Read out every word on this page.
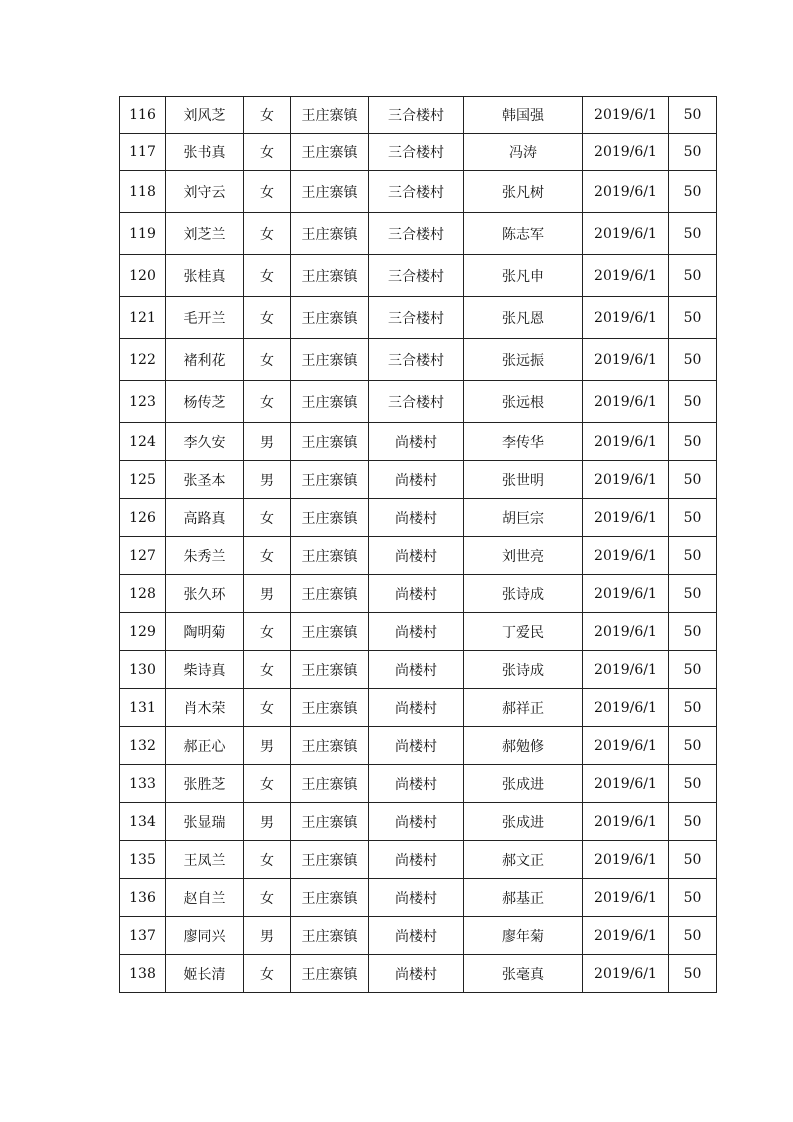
116	刘风芝	女	王庄寨镇	三合楼村	韩国强	2019/6/1	50
117	张书真	女	王庄寨镇	三合楼村	冯涛	2019/6/1	50
118	刘守云	女	王庄寨镇	三合楼村	张凡树	2019/6/1	50
119	刘芝兰	女	王庄寨镇	三合楼村	陈志军	2019/6/1	50
120	张桂真	女	王庄寨镇	三合楼村	张凡申	2019/6/1	50
121	毛开兰	女	王庄寨镇	三合楼村	张凡恩	2019/6/1	50
122	褚利花	女	王庄寨镇	三合楼村	张远振	2019/6/1	50
123	杨传芝	女	王庄寨镇	三合楼村	张远根	2019/6/1	50
124	李久安	男	王庄寨镇	尚楼村	李传华	2019/6/1	50
125	张圣本	男	王庄寨镇	尚楼村	张世明	2019/6/1	50
126	高路真	女	王庄寨镇	尚楼村	胡巨宗	2019/6/1	50
127	朱秀兰	女	王庄寨镇	尚楼村	刘世亮	2019/6/1	50
128	张久环	男	王庄寨镇	尚楼村	张诗成	2019/6/1	50
129	陶明菊	女	王庄寨镇	尚楼村	丁爱民	2019/6/1	50
130	柴诗真	女	王庄寨镇	尚楼村	张诗成	2019/6/1	50
131	肖木荣	女	王庄寨镇	尚楼村	郝祥正	2019/6/1	50
132	郝正心	男	王庄寨镇	尚楼村	郝勉修	2019/6/1	50
133	张胜芝	女	王庄寨镇	尚楼村	张成进	2019/6/1	50
134	张显瑞	男	王庄寨镇	尚楼村	张成进	2019/6/1	50
135	王凤兰	女	王庄寨镇	尚楼村	郝文正	2019/6/1	50
136	赵自兰	女	王庄寨镇	尚楼村	郝基正	2019/6/1	50
137	廖同兴	男	王庄寨镇	尚楼村	廖年菊	2019/6/1	50
138	姬长清	女	王庄寨镇	尚楼村	张毫真	2019/6/1	50
